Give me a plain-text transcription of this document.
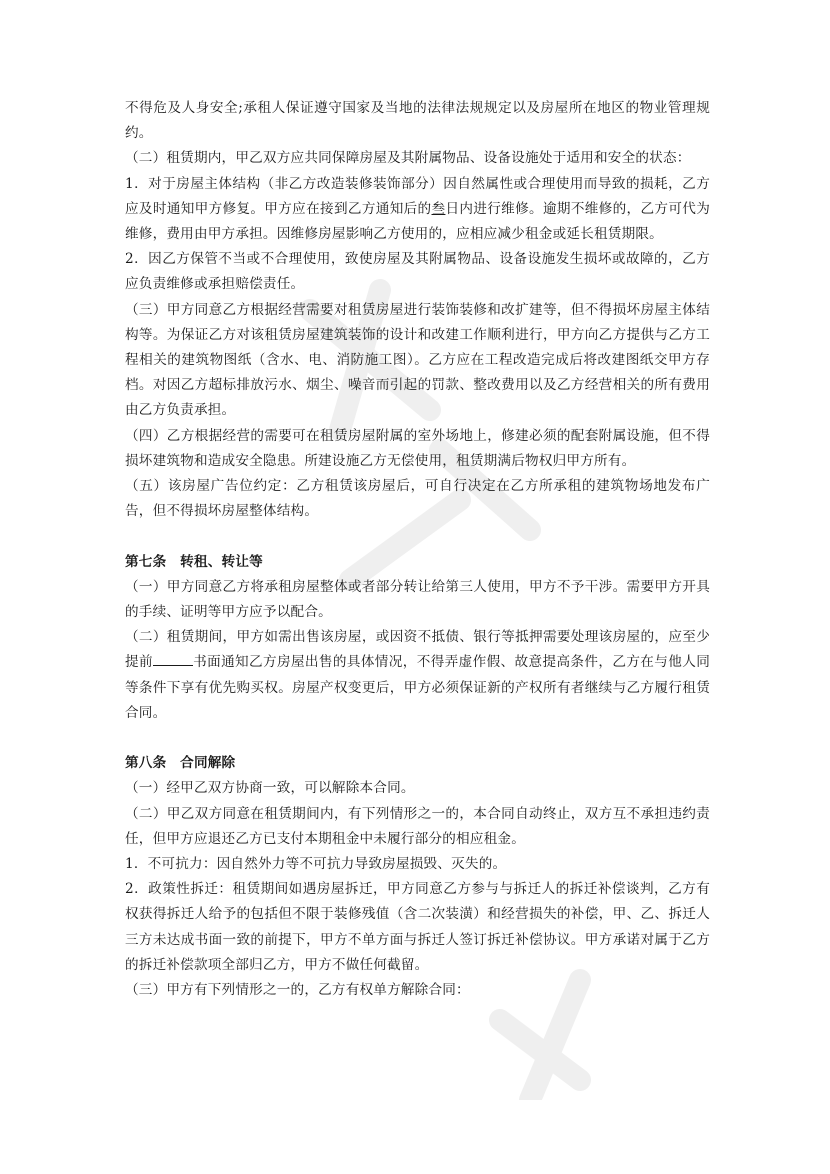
不得危及人身安全;承租人保证遵守国家及当地的法律法规规定以及房屋所在地区的物业管理规约。

（二）租赁期内，甲乙双方应共同保障房屋及其附属物品、设备设施处于适用和安全的状态：

1．对于房屋主体结构（非乙方改造装修装饰部分）因自然属性或合理使用而导致的损耗，乙方应及时通知甲方修复。甲方应在接到乙方通知后的叁日内进行维修。逾期不维修的，乙方可代为维修，费用由甲方承担。因维修房屋影响乙方使用的，应相应减少租金或延长租赁期限。

2．因乙方保管不当或不合理使用，致使房屋及其附属物品、设备设施发生损坏或故障的，乙方应负责维修或承担赔偿责任。

（三）甲方同意乙方根据经营需要对租赁房屋进行装饰装修和改扩建等，但不得损坏房屋主体结构等。为保证乙方对该租赁房屋建筑装饰的设计和改建工作顺利进行，甲方向乙方提供与乙方工程相关的建筑物图纸（含水、电、消防施工图）。乙方应在工程改造完成后将改建图纸交甲方存档。对因乙方超标排放污水、烟尘、噪音而引起的罚款、整改费用以及乙方经营相关的所有费用由乙方负责承担。

（四）乙方根据经营的需要可在租赁房屋附属的室外场地上，修建必须的配套附属设施，但不得损坏建筑物和造成安全隐患。所建设施乙方无偿使用，租赁期满后物权归甲方所有。

（五）该房屋广告位约定：乙方租赁该房屋后，可自行决定在乙方所承租的建筑物场地发布广告，但不得损坏房屋整体结构。

第七条　转租、转让等

（一）甲方同意乙方将承租房屋整体或者部分转让给第三人使用，甲方不予干涉。需要甲方开具的手续、证明等甲方应予以配合。

（二）租赁期间，甲方如需出售该房屋，或因资不抵债、银行等抵押需要处理该房屋的，应至少提前	书面通知乙方房屋出售的具体情况，不得弄虚作假、故意提高条件，乙方在与他人同等条件下享有优先购买权。房屋产权变更后，甲方必须保证新的产权所有者继续与乙方履行租赁合同。

第八条　合同解除

（一）经甲乙双方协商一致，可以解除本合同。

（二）甲乙双方同意在租赁期间内，有下列情形之一的，本合同自动终止，双方互不承担违约责任，但甲方应退还乙方已支付本期租金中未履行部分的相应租金。

1．不可抗力：因自然外力等不可抗力导致房屋损毁、灭失的。

2．政策性拆迁：租赁期间如遇房屋拆迁，甲方同意乙方参与与拆迁人的拆迁补偿谈判，乙方有权获得拆迁人给予的包括但不限于装修残值（含二次装潢）和经营损失的补偿，甲、乙、拆迁人三方未达成书面一致的前提下，甲方不单方面与拆迁人签订拆迁补偿协议。甲方承诺对属于乙方的拆迁补偿款项全部归乙方，甲方不做任何截留。

（三）甲方有下列情形之一的，乙方有权单方解除合同：
